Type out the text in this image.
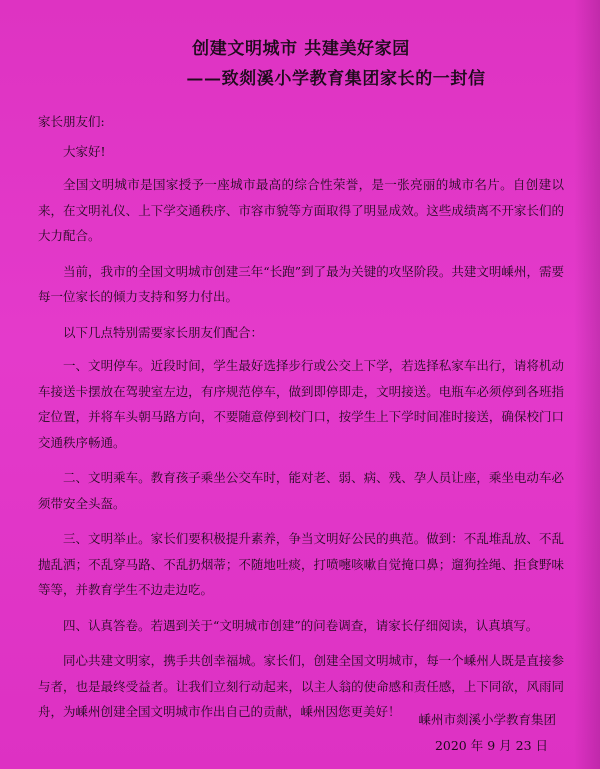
创建文明城市 共建美好家园
——致剡溪小学教育集团家长的一封信
家长朋友们:
大家好!

全国文明城市是国家授予一座城市最高的综合性荣誉，是一张亮丽的城市名片。自创建以来，在文明礼仪、上下学交通秩序、市容市貌等方面取得了明显成效。这些成绩离不开家长们的大力配合。

当前，我市的全国文明城市创建三年“长跑”到了最为关键的攻坚阶段。共建文明嵊州，需要每一位家长的倾力支持和努力付出。

以下几点特别需要家长朋友们配合：

一、文明停车。近段时间，学生最好选择步行或公交上下学，若选择私家车出行，请将机动车接送卡摆放在驾驶室左边，有序规范停车，做到即停即走，文明接送。电瓶车必须停到各班指定位置，并将车头朝马路方向，不要随意停到校门口，按学生上下学时间准时接送，确保校门口交通秩序畅通。

二、文明乘车。教育孩子乘坐公交车时，能对老、弱、病、残、孕人员让座，乘坐电动车必须带安全头盔。

三、文明举止。家长们要积极提升素养，争当文明好公民的典范。做到：不乱堆乱放、不乱抛乱洒；不乱穿马路、不乱扔烟蒂；不随地吐痰，打喷嚏咳嗽自觉掩口鼻；遛狗拴绳、拒食野味等等，并教育学生不边走边吃。

四、认真答卷。若遇到关于“文明城市创建”的问卷调查，请家长仔细阅读，认真填写。

同心共建文明家，携手共创幸福城。家长们，创建全国文明城市，每一个嵊州人既是直接参与者，也是最终受益者。让我们立刻行动起来，以主人翁的使命感和责任感，上下同欲，风雨同舟，为嵊州创建全国文明城市作出自己的贡献，嵊州因您更美好！

嵊州市剡溪小学教育集团
2020 年 9 月 23 日
